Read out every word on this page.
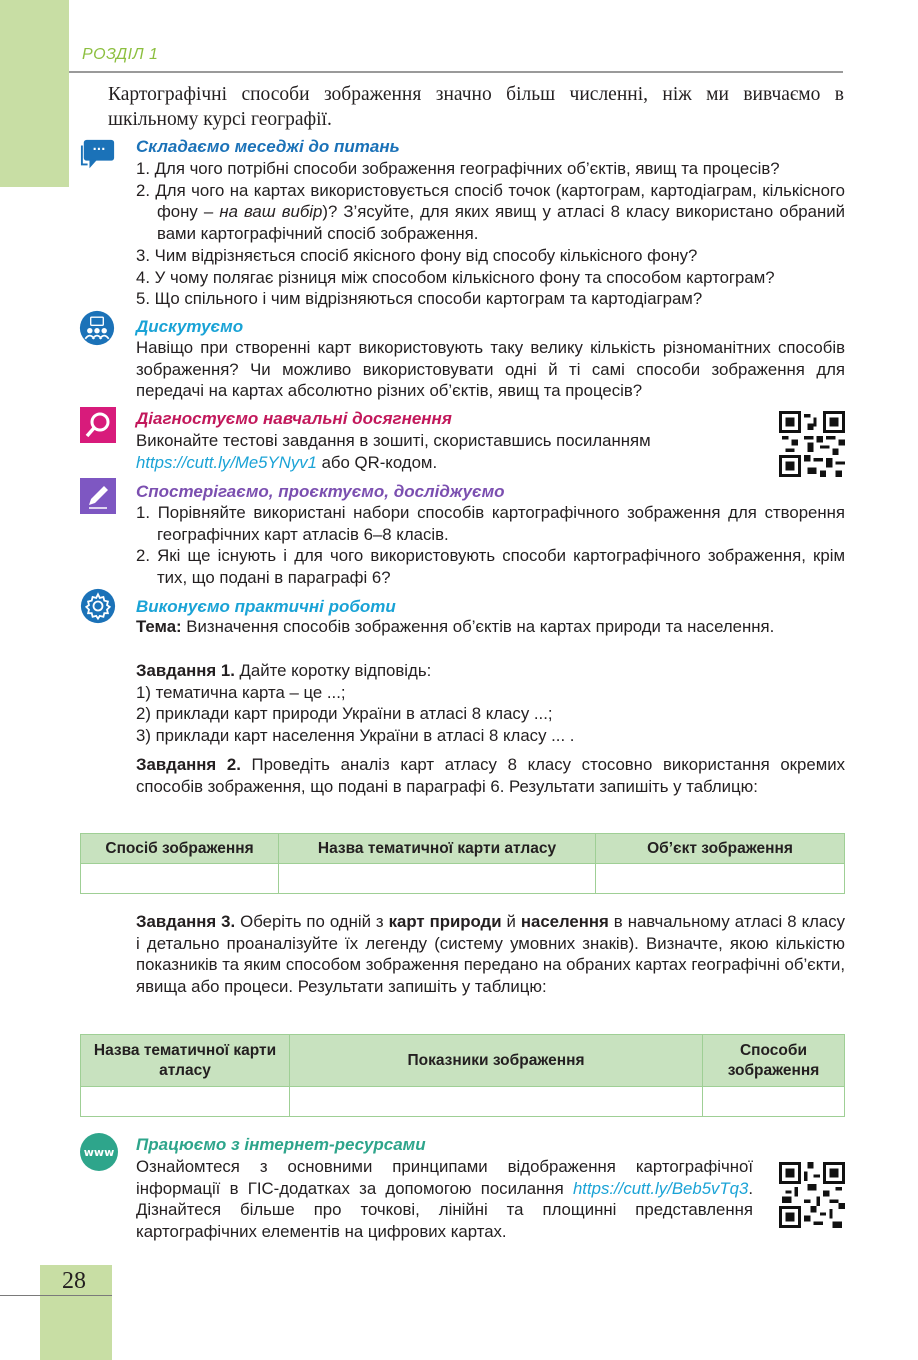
РОЗДІЛ 1
Картографічні способи зображення значно більш численні, ніж ми вивчаємо в шкільному курсі географії.
··· Складаємо меседжі до питань
1. Для чого потрібні способи зображення географічних об’єктів, явищ та процесів?
2. Для чого на картах використовується спосіб точок (картограм, картодіаграм, кількісного фону – на ваш вибір)? З’ясуйте, для яких явищ у атласі 8 класу використано обраний вами картографічний спосіб зображення.
3. Чим відрізняється спосіб якісного фону від способу кількісного фону?
4. У чому полягає різниця між способом кількісного фону та способом картограм?
5. Що спільного і чим відрізняються способи картограм та картодіаграм?
Дискутуємо
Навіщо при створенні карт використовують таку велику кількість різноманітних способів зображення? Чи можливо використовувати одні й ті самі способи зображення для передачі на картах абсолютно різних об’єктів, явищ та процесів?
Діагностуємо навчальні досягнення
Виконайте тестові завдання в зошиті, скориставшись посиланням https://cutt.ly/Me5YNyv1 або QR-кодом.
Спостерігаємо, проєктуємо, досліджуємо
1. Порівняйте використані набори способів картографічного зображення для створення географічних карт атласів 6–8 класів.
2. Які ще існують і для чого використовують способи картографічного зображення, крім тих, що подані в параграфі 6?
Виконуємо практичні роботи
Тема: Визначення способів зображення об’єктів на картах природи та населення.
Завдання 1. Дайте коротку відповідь:
1) тематична карта – це ...;
2) приклади карт природи України в атласі 8 класу ...;
3) приклади карт населення України в атласі 8 класу ... .
Завдання 2. Проведіть аналіз карт атласу 8 класу стосовно використання окремих способів зображення, що подані в параграфі 6. Результати запишіть у таблицю:
Спосіб зображення	Назва тематичної карти атласу	Об’єкт зображення

Завдання 3. Оберіть по одній з карт природи й населення в навчальному атласі 8 класу і детально проаналізуйте їх легенду (систему умовних знаків). Визначте, якою кількістю показників та яким способом зображення передано на обраних картах географічні об’єкти, явища або процеси. Результати запишіть у таблицю:
Назва тематичної карти атласу	Показники зображення	Способи зображення

www Працюємо з інтернет-ресурсами
Ознайомтеся з основними принципами відображення картографічної інформації в ГІС-додатках за допомогою посилання https://cutt.ly/Beb5vTq3. Дізнайтеся більше про точкові, лінійні та площинні представлення картографічних елементів на цифрових картах.
28
